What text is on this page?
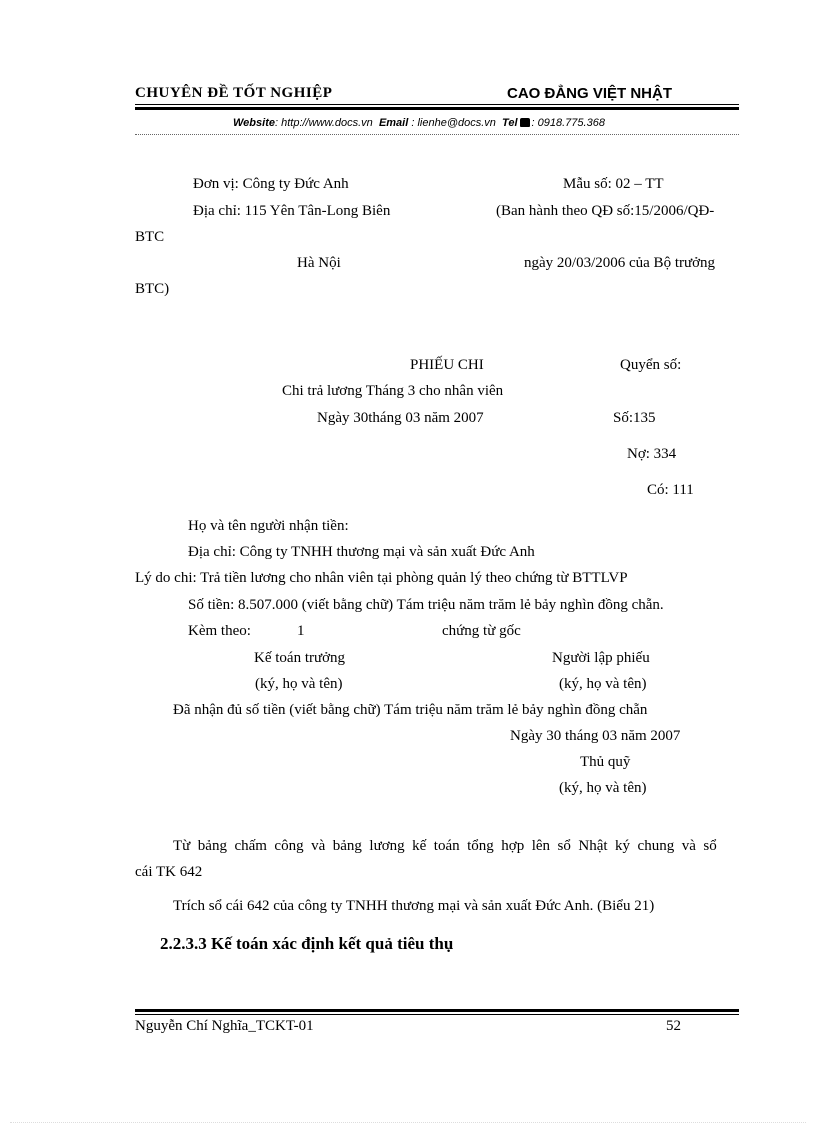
CHUYÊN ĐỀ TỐT NGHIỆP	CAO ĐẲNG VIỆT NHẬT
Website: http://www.docs.vn Email : lienhe@docs.vn Tel : 0918.775.368
Đơn vị: Công ty Đức Anh	Mẫu số: 02 – TT
Địa chỉ: 115 Yên Tân-Long Biên	(Ban hành theo QĐ số:15/2006/QĐ-
BTC
Hà Nội	ngày 20/03/2006 của Bộ trưởng
BTC)
PHIẾU CHI	Quyển số:
Chi trả lương Tháng 3 cho nhân viên
Ngày 30tháng 03 năm 2007	Số:135
Nợ: 334
Có: 111
Họ và tên người nhận tiền:
Địa chỉ: Công ty TNHH thương mại và sản xuất Đức Anh
Lý do chi: Trả tiền lương cho nhân viên tại phòng quản lý theo chứng từ BTTLVP
Số tiền: 8.507.000 (viết bằng chữ) Tám triệu năm trăm lẻ bảy nghìn đồng chẵn.
Kèm theo:	1	chứng từ gốc
Kế toán trưởng	Người lập phiếu
(ký, họ và tên)	(ký, họ và tên)
Đã nhận đủ số tiền (viết bằng chữ) Tám triệu năm trăm lẻ bảy nghìn đồng chẵn
Ngày 30 tháng 03 năm 2007
Thủ quỹ
(ký, họ và tên)
Từ  bảng  chấm  công  và  bảng  lương  kế  toán  tổng  hợp  lên  sổ  Nhật  ký  chung  và  sổ
cái TK 642
Trích sổ cái 642 của công ty TNHH thương mại và sản xuất Đức Anh. (Biểu 21)
2.2.3.3 Kế toán xác định kết quả tiêu thụ
Nguyễn Chí Nghĩa_TCKT-01	52
